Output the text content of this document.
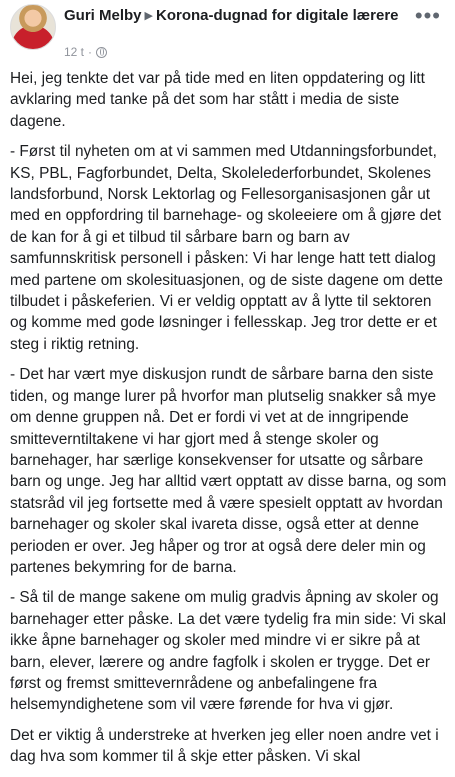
Guri Melby ▶ Korona-dugnad for digitale lærere
12 t ·
•••

Hei, jeg tenkte det var på tide med en liten oppdatering og litt avklaring med tanke på det som har stått i media de siste dagene.

- Først til nyheten om at vi sammen med Utdanningsforbundet, KS, PBL, Fagforbundet, Delta, Skolelederforbundet, Skolenes landsforbund, Norsk Lektorlag og Fellesorganisasjonen går ut med en oppfordring til barnehage- og skoleeiere om å gjøre det de kan for å gi et tilbud til sårbare barn og barn av samfunnskritisk personell i påsken: Vi har lenge hatt tett dialog med partene om skolesituasjonen, og de siste dagene om dette tilbudet i påskeferien. Vi er veldig opptatt av å lytte til sektoren og komme med gode løsninger i fellesskap. Jeg tror dette er et steg i riktig retning.

- Det har vært mye diskusjon rundt de sårbare barna den siste tiden, og mange lurer på hvorfor man plutselig snakker så mye om denne gruppen nå. Det er fordi vi vet at de inngripende smitteverntiltakene vi har gjort med å stenge skoler og barnehager, har særlige konsekvenser for utsatte og sårbare barn og unge. Jeg har alltid vært opptatt av disse barna, og som statsråd vil jeg fortsette med å være spesielt opptatt av hvordan barnehager og skoler skal ivareta disse, også etter at denne perioden er over. Jeg håper og tror at også dere deler min og partenes bekymring for de barna.

- Så til de mange sakene om mulig gradvis åpning av skoler og barnehager etter påske. La det være tydelig fra min side: Vi skal ikke åpne barnehager og skoler med mindre vi er sikre på at barn, elever, lærere og andre fagfolk i skolen er trygge. Det er først og fremst smittevernrådene og anbefalingene fra helsemyndighetene som vil være førende for hva vi gjør.

Det er viktig å understreke at hverken jeg eller noen andre vet i dag hva som kommer til å skje etter påsken. Vi skal
